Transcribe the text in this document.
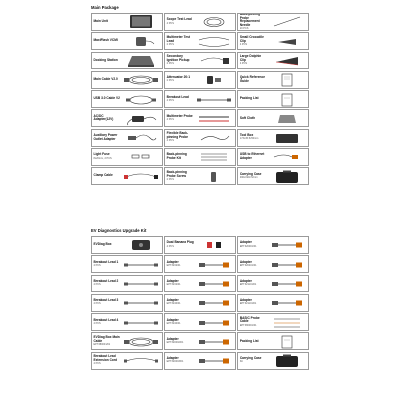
Main Package
Main Unit	Scope Test Lead
4 PCS
Back-pinning Probe Replacement Needle
20 PCS
MaxiFlash VCMI
Multimeter Test Lead
2 PCS
Small Crocodile Clip
4 PCS
Docking Station
Secondary Ignition Pickup
2 PCS
Large Dolphin Clip
4 PCS
Main Cable V2.0	Attenuator 20:1
2 PCS
Quick Reference Guide
USB 3.0 Cable V2	Breakout Lead
4 PCS	Packing List
AC/DC Adapter(12V)
Multimeter Probe
4 PCS	Soft Cloth
Auxiliary Power Outlet Adapter
Flexible Back-pinning Probe
4 PCS
Tool Box
173x45.5x50mm
Light Fuse
8x20mm, 2 PCS
Back-pinning Probe Kit
USB to Ethernet Adapter
Clamp Cable
Back-pinning Probe Screw
2 PCS
Carrying Case
490x190x72mm
EV Diagnostics Upgrade Kit
EVDiag Box	Dual Banana Plug
4 PCS
Adapter
EPT320001/01
Breakout Lead 1
4 PCS
Adapter
EPT3232/01
Adapter
EPT320401/01
Breakout Lead 2
4 PCS
Adapter
EPT3232/01
Adapter
EPT321101/01
Breakout Lead 3
4 PCS
Adapter
EPT3240/01
Adapter
EPT321101/01
Breakout Lead 4
4 PCS
Adapter
EPT3240/01
BASIC Probe Cable
EPT380001/01
EVDiag Box Main Cable
EPT380001/01
Adapter
EPT320002/01	Packing List
Breakout Lead Extension Cord
4 PCS
Adapter
EPT320003/01
Carrying Case
Kit
